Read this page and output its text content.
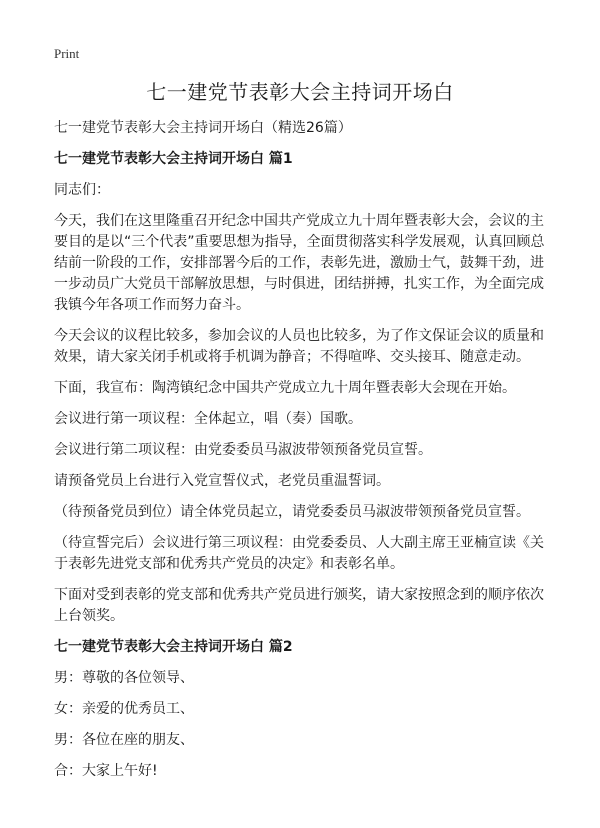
Print
七一建党节表彰大会主持词开场白

七一建党节表彰大会主持词开场白（精选26篇）

七一建党节表彰大会主持词开场白 篇1

同志们：

今天，我们在这里隆重召开纪念中国共产党成立九十周年暨表彰大会，会议的主要目的是以“三个代表”重要思想为指导，全面贯彻落实科学发展观，认真回顾总结前一阶段的工作，安排部署今后的工作，表彰先进，激励士气，鼓舞干劲，进一步动员广大党员干部解放思想，与时俱进，团结拼搏，扎实工作，为全面完成我镇今年各项工作而努力奋斗。

今天会议的议程比较多，参加会议的人员也比较多，为了作文保证会议的质量和效果，请大家关闭手机或将手机调为静音；不得喧哗、交头接耳、随意走动。

下面，我宣布：陶湾镇纪念中国共产党成立九十周年暨表彰大会现在开始。

会议进行第一项议程：全体起立，唱（奏）国歌。

会议进行第二项议程：由党委委员马淑波带领预备党员宣誓。

请预备党员上台进行入党宣誓仪式，老党员重温誓词。

（待预备党员到位）请全体党员起立，请党委委员马淑波带领预备党员宣誓。

（待宣誓完后）会议进行第三项议程：由党委委员、人大副主席王亚楠宣读《关于表彰先进党支部和优秀共产党员的决定》和表彰名单。

下面对受到表彰的党支部和优秀共产党员进行颁奖，请大家按照念到的顺序依次上台领奖。

七一建党节表彰大会主持词开场白 篇2

男：尊敬的各位领导、

女：亲爱的优秀员工、

男：各位在座的朋友、

合：大家上午好!
